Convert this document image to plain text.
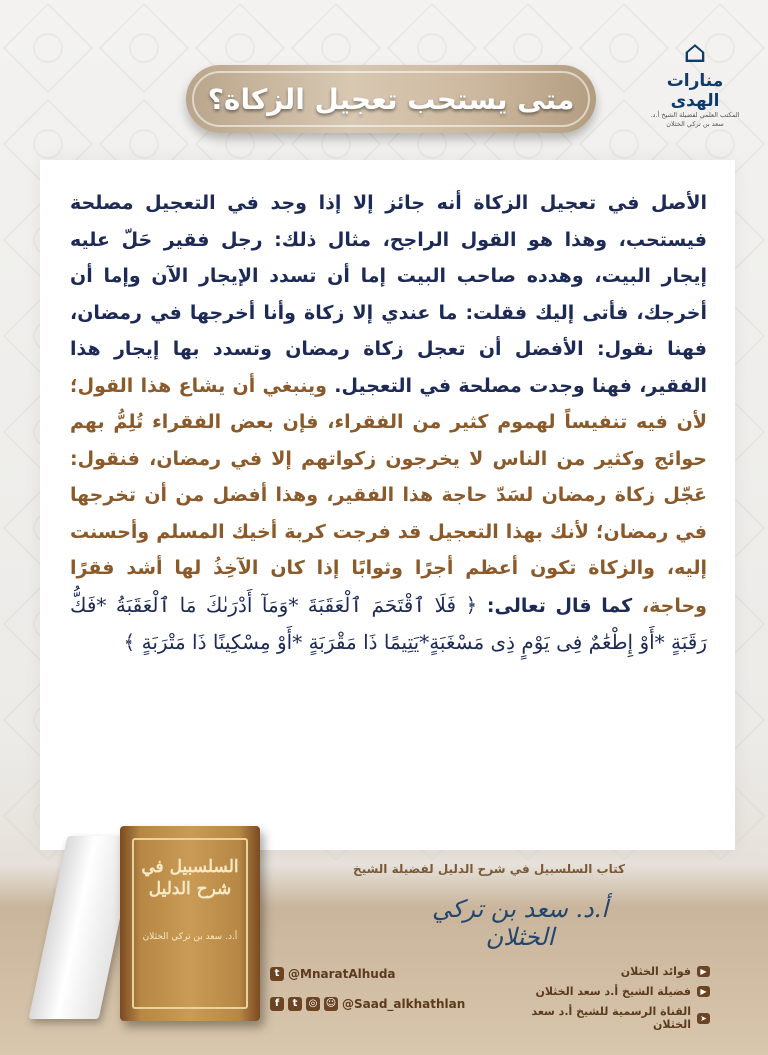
⌂
منارات الهدى
المكتب العلمي لفضيلة الشيخ أ.د. سعد بن تركي الخثلان
متى يستحب تعجيل الزكاة؟
الأصل في تعجيل الزكاة أنه جائز إلا إذا وجد في التعجيل مصلحة فيستحب، وهذا هو القول الراجح، مثال ذلك: رجل فقير حَلّ عليه إيجار البيت، وهدده صاحب البيت إما أن تسدد الإيجار الآن وإما أن أخرجك، فأتى إليك فقلت: ما عندي إلا زكاة وأنا أخرجها في رمضان، فهنا نقول: الأفضل أن تعجل زكاة رمضان وتسدد بها إيجار هذا الفقير، فهنا وجدت مصلحة في التعجيل. وينبغي أن يشاع هذا القول؛ لأن فيه تنفيساً لهموم كثير من الفقراء، فإن بعض الفقراء تُلِمُّ بهم حوائج وكثير من الناس لا يخرجون زكواتهم إلا في رمضان، فنقول: عَجّل زكاة رمضان لسَدّ حاجة هذا الفقير، وهذا أفضل من أن تخرجها في رمضان؛ لأنك بهذا التعجيل قد فرجت كربة أخيك المسلم وأحسنت إليه، والزكاة تكون أعظم أجرًا وثوابًا إذا كان الآخِذُ لها أشد فقرًا وحاجة، كما قال تعالى: ﴿ فَلَا ٱقْتَحَمَ ٱلْعَقَبَةَ *وَمَآ أَدْرَىٰكَ مَا ٱلْعَقَبَةُ *فَكُّ رَقَبَةٍ *أَوْ إِطْعَٰمٌ فِى يَوْمٍ ذِى مَسْغَبَةٍ*يَتِيمًا ذَا مَقْرَبَةٍ *أَوْ مِسْكِينًا ذَا مَتْرَبَةٍ ﴾
السلسبيل في شرح الدليل
أ.د. سعد بن تركي الخثلان
كتاب السلسبيل في شرح الدليل لفضيلة الشيخ
أ.د. سعد بن تركي الخثلان
t @MnaratAlhuda
f	t	◎ ☺ @Saad_alkhathlan
▶
فوائد الخثلان
▶
فضيلة الشيخ أ.د سعد الخثلان
➤
القناة الرسمية للشيخ أ.د سعد الخثلان
